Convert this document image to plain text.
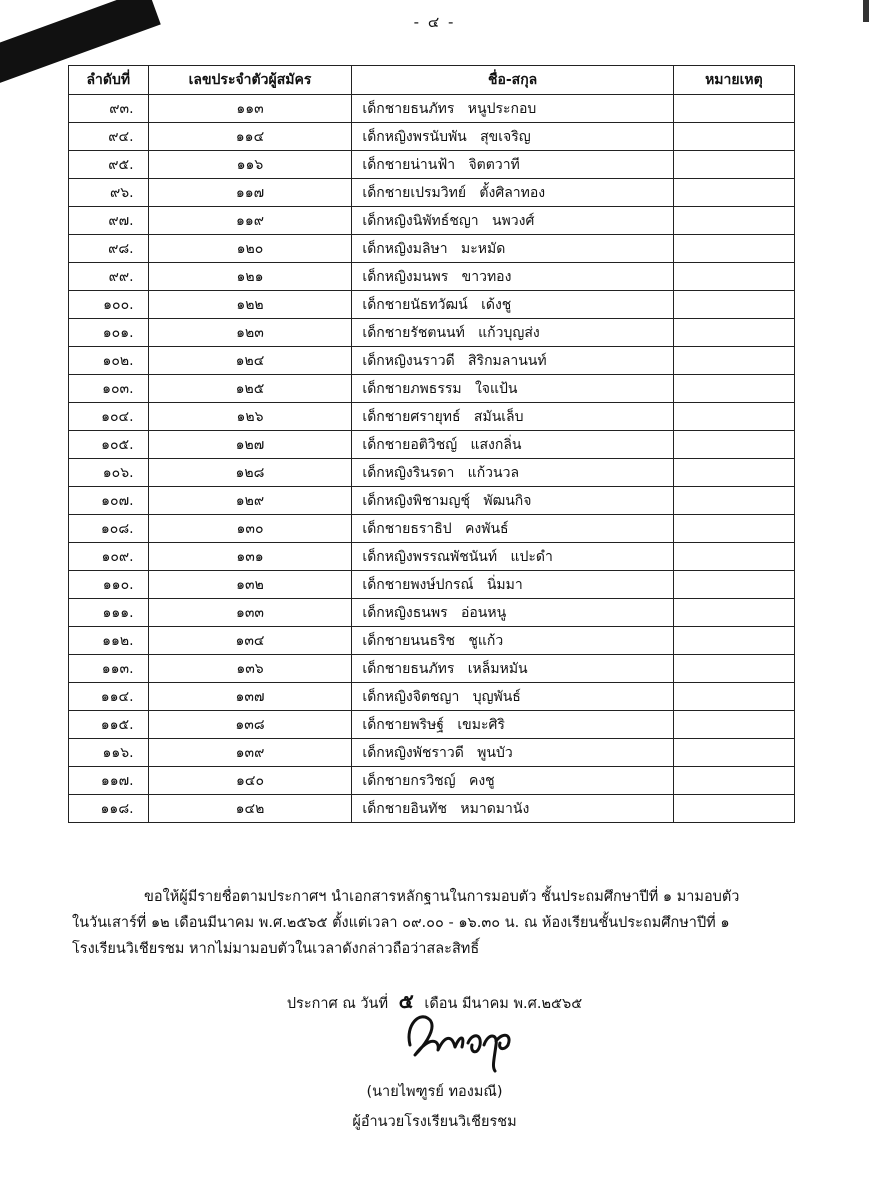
- ๔ -
ลำดับที่	เลขประจำตัวผู้สมัคร	ชื่อ-สกุล	หมายเหตุ
๙๓.	๑๑๓	เด็กชายธนภัทร   หนูประกอบ	
๙๔.	๑๑๔	เด็กหญิงพรนับพัน   สุขเจริญ	
๙๕.	๑๑๖	เด็กชายน่านฟ้า   จิตตวาที	
๙๖.	๑๑๗	เด็กชายเปรมวิทย์   ตั้งศิลาทอง	
๙๗.	๑๑๙	เด็กหญิงนิพัทธ์ชญา   นพวงศ์	
๙๘.	๑๒๐	เด็กหญิงมลิษา   มะหมัด	
๙๙.	๑๒๑	เด็กหญิงมนพร   ขาวทอง	
๑๐๐.	๑๒๒	เด็กชายนัธทวัฒน์   เด้งชู	
๑๐๑.	๑๒๓	เด็กชายรัชตนนท์   แก้วบุญส่ง	
๑๐๒.	๑๒๔	เด็กหญิงนราวดี   สิริกมลานนท์	
๑๐๓.	๑๒๕	เด็กชายภพธรรม   ใจแป้น	
๑๐๔.	๑๒๖	เด็กชายศรายุทธ์   สมันเล็บ	
๑๐๕.	๑๒๗	เด็กชายอติวิชญ์   แสงกลิ่น	
๑๐๖.	๑๒๘	เด็กหญิงรินรดา   แก้วนวล	
๑๐๗.	๑๒๙	เด็กหญิงพิชามญชุ์   พัฒนกิจ	
๑๐๘.	๑๓๐	เด็กชายธราธิป   คงพันธ์	
๑๐๙.	๑๓๑	เด็กหญิงพรรณพัชนันท์   แปะดำ	
๑๑๐.	๑๓๒	เด็กชายพงษ์ปกรณ์   นิ่มมา	
๑๑๑.	๑๓๓	เด็กหญิงธนพร   อ่อนหนู	
๑๑๒.	๑๓๔	เด็กชายนนธริช   ชูแก้ว	
๑๑๓.	๑๓๖	เด็กชายธนภัทร   เหล็มหมัน	
๑๑๔.	๑๓๗	เด็กหญิงจิตชญา   บุญพันธ์	
๑๑๕.	๑๓๘	เด็กชายพริษฐ์   เขมะศิริ	
๑๑๖.	๑๓๙	เด็กหญิงพัชราวดี   พูนบัว	
๑๑๗.	๑๔๐	เด็กชายกรวิชญ์   คงชู	
๑๑๘.	๑๔๒	เด็กชายอินทัช   หมาดมานัง	

ขอให้ผู้มีรายชื่อตามประกาศฯ นำเอกสารหลักฐานในการมอบตัว ชั้นประถมศึกษาปีที่ ๑ มามอบตัว

ในวันเสาร์ที่ ๑๒ เดือนมีนาคม พ.ศ.๒๕๖๕ ตั้งแต่เวลา ๐๙.๐๐ - ๑๖.๓๐ น. ณ ห้องเรียนชั้นประถมศึกษาปีที่ ๑

โรงเรียนวิเชียรชม หากไม่มามอบตัวในเวลาดังกล่าวถือว่าสละสิทธิ์

ประกาศ ณ วันที่ ๕ เดือน มีนาคม พ.ศ.๒๕๖๕
(นายไพฑูรย์ ทองมณี)
ผู้อำนวยโรงเรียนวิเชียรชม
